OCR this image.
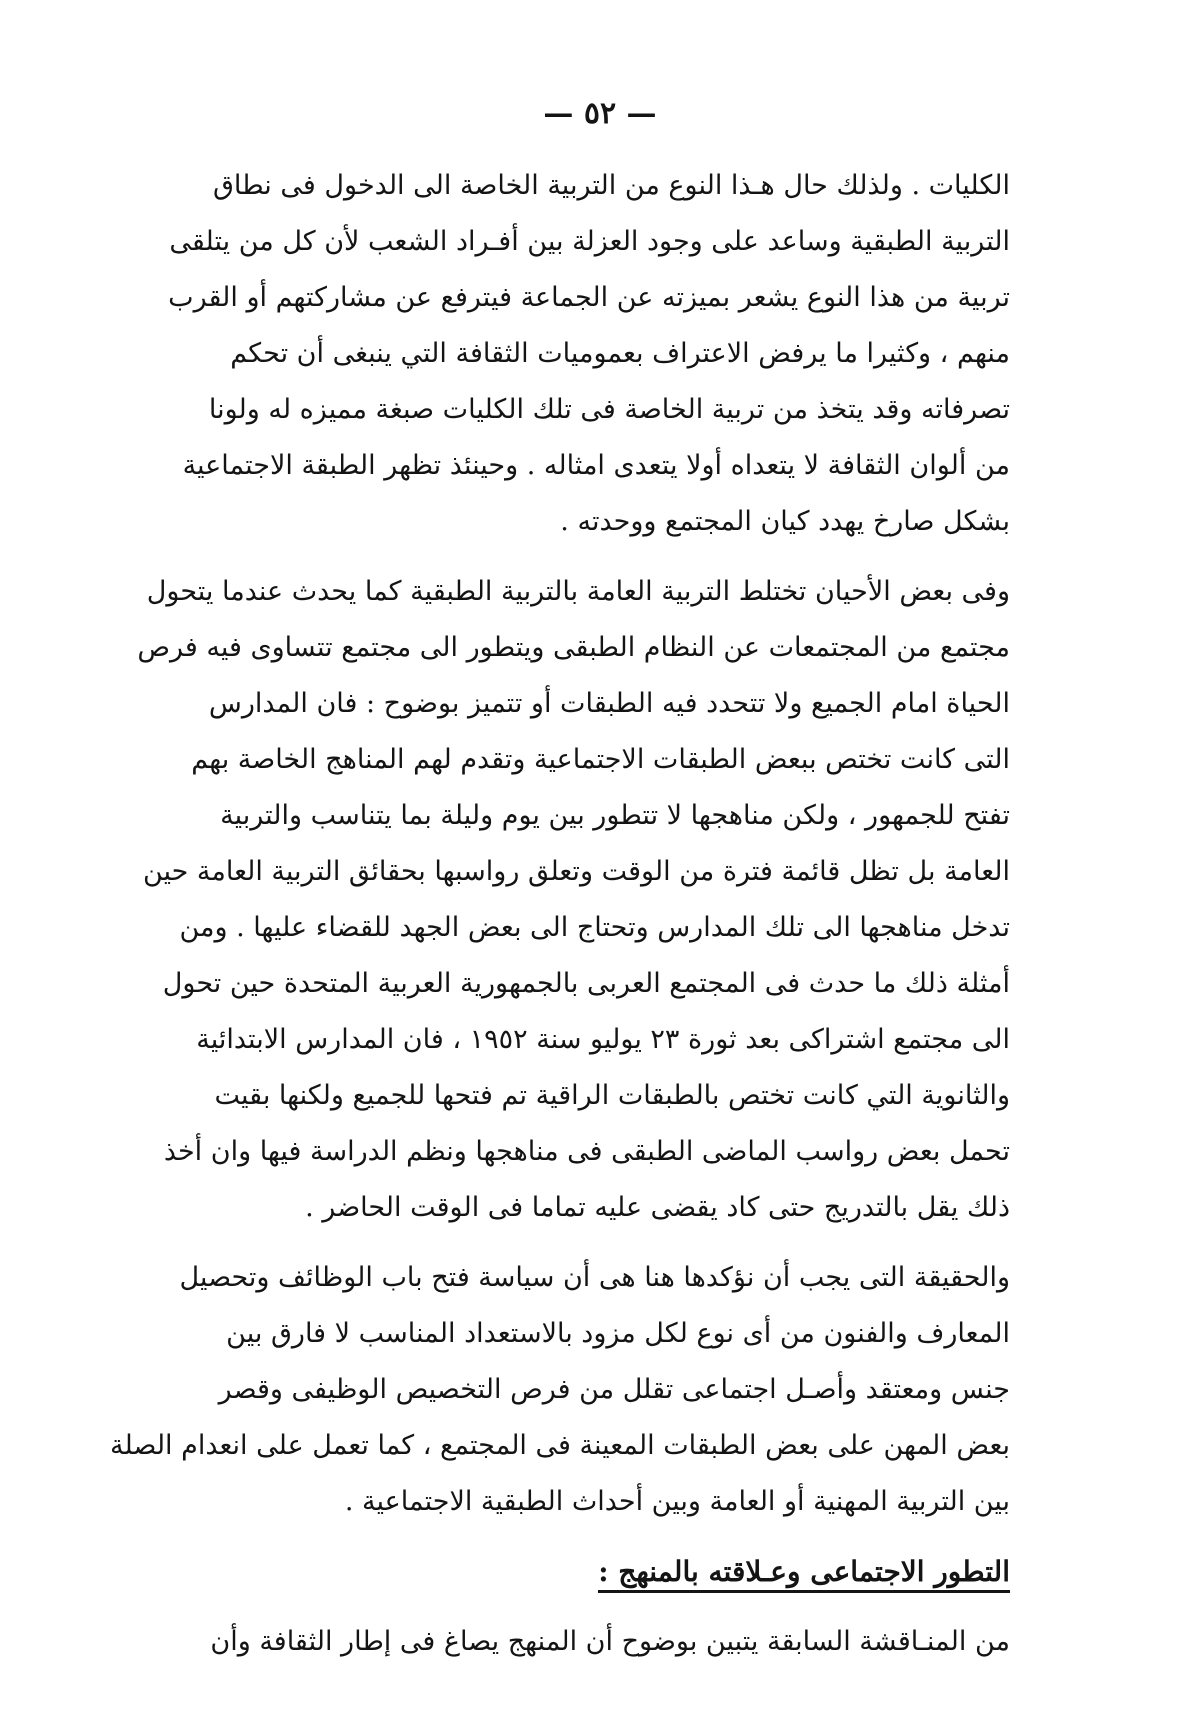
— ٥٢ —

الكليات . ولذلك حال هـذا النوع من التربية الخاصة الى الدخول فى نطاق
التربية الطبقية وساعد على وجود العزلة بين أفـراد الشعب لأن كل من يتلقى
تربية من هذا النوع يشعر بميزته عن الجماعة فيترفع عن مشاركتهم أو القرب
منهم ، وكثيرا ما يرفض الاعتراف بعموميات الثقافة التي ينبغى أن تحكم
تصرفاته وقد يتخذ من تربية الخاصة فى تلك الكليات صبغة مميزه له ولونا
من ألوان الثقافة لا يتعداه أولا يتعدى امثاله . وحينئذ تظهر الطبقة الاجتماعية
بشكل صارخ يهدد كيان المجتمع ووحدته .

وفى بعض الأحيان تختلط التربية العامة بالتربية الطبقية كما يحدث عندما يتحول
مجتمع من المجتمعات عن النظام الطبقى ويتطور الى مجتمع تتساوى فيه فرص
الحياة امام الجميع ولا تتحدد فيه الطبقات أو تتميز بوضوح : فان المدارس
التى كانت تختص ببعض الطبقات الاجتماعية وتقدم لهم المناهج الخاصة بهم
تفتح للجمهور ، ولكن مناهجها لا تتطور بين يوم وليلة بما يتناسب والتربية
العامة بل تظل قائمة فترة من الوقت وتعلق رواسبها بحقائق التربية العامة حين
تدخل مناهجها الى تلك المدارس وتحتاج الى بعض الجهد للقضاء عليها . ومن
أمثلة ذلك ما حدث فى المجتمع العربى بالجمهورية العربية المتحدة حين تحول
الى مجتمع اشتراكى بعد ثورة ٢٣ يوليو سنة ١٩٥٢ ، فان المدارس الابتدائية
والثانوية التي كانت تختص بالطبقات الراقية تم فتحها للجميع ولكنها بقيت
تحمل بعض رواسب الماضى الطبقى فى مناهجها ونظم الدراسة فيها وان أخذ
ذلك يقل بالتدريج حتى كاد يقضى عليه تماما فى الوقت الحاضر .

والحقيقة التى يجب أن نؤكدها هنا هى أن سياسة فتح باب الوظائف وتحصيل
المعارف والفنون من أى نوع لكل مزود بالاستعداد المناسب لا فارق بين
جنس ومعتقد وأصـل اجتماعى تقلل من فرص التخصيص الوظيفى وقصر
بعض المهن على بعض الطبقات المعينة فى المجتمع ، كما تعمل على انعدام الصلة
بين التربية المهنية أو العامة وبين أحداث الطبقية الاجتماعية .

التطور الاجتماعى وعـلاقته بالمنهج :

من المنـاقشة السابقة يتبين بوضوح أن المنهج يصاغ فى إطار الثقافة وأن
